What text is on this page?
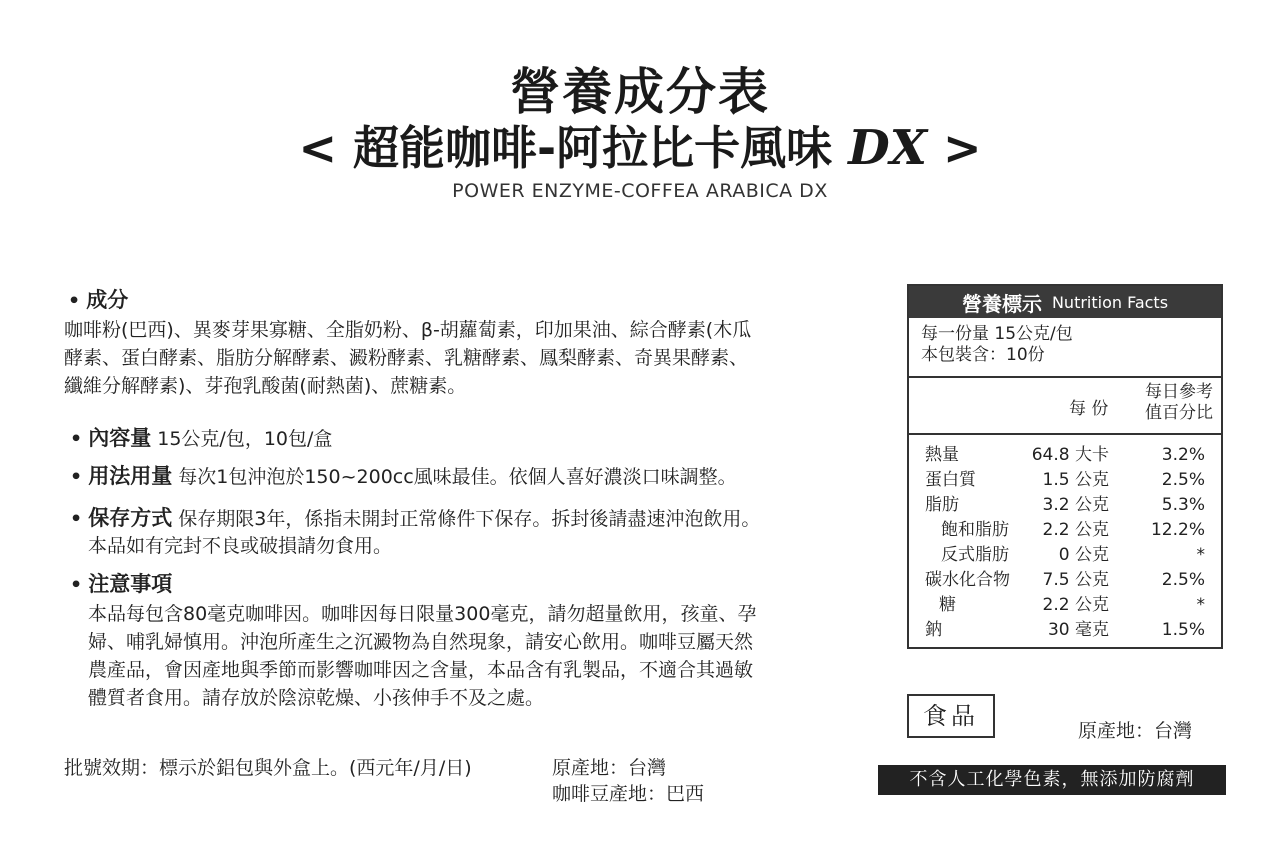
營養成分表
< 超能咖啡-阿拉比卡風味 DX >
POWER ENZYME-COFFEA ARABICA DX
• 成分
咖啡粉(巴西)、異麥芽果寡糖、全脂奶粉、β-胡蘿蔔素，印加果油、綜合酵素(木瓜
酵素、蛋白酵素、脂肪分解酵素、澱粉酵素、乳糖酵素、鳳梨酵素、奇異果酵素、
纖維分解酵素)、芽孢乳酸菌(耐熱菌)、蔗糖素。
• 內容量 15公克/包，10包/盒
• 用法用量 每次1包沖泡於150~200cc風味最佳。依個人喜好濃淡口味調整。
• 保存方式 保存期限3年，係指未開封正常條件下保存。拆封後請盡速沖泡飲用。
本品如有完封不良或破損請勿食用。
• 注意事項
本品每包含80毫克咖啡因。咖啡因每日限量300毫克，請勿超量飲用，孩童、孕
婦、哺乳婦慎用。沖泡所產生之沉澱物為自然現象，請安心飲用。咖啡豆屬天然
農產品，會因產地與季節而影響咖啡因之含量，本品含有乳製品，不適合其過敏
體質者食用。請存放於陰涼乾燥、小孩伸手不及之處。
批號效期：標示於鋁包與外盒上。(西元年/月/日)	原產地：台灣
咖啡豆產地：巴西
營養標示 Nutrition Facts
每一份量 15公克/包
本包裝含：10份
每 份
每日參考
值百分比
熱量	64.8 大卡	3.2%
蛋白質	1.5 公克	2.5%
脂肪	3.2 公克	5.3%
飽和脂肪 2.2 公克 12.2%
反式脂肪	0 公克	*
碳水化合物 7.5 公克	2.5%
糖	2.2 公克	*
鈉	30 毫克	1.5%
食品
原產地：台灣
不含人工化學色素，無添加防腐劑
